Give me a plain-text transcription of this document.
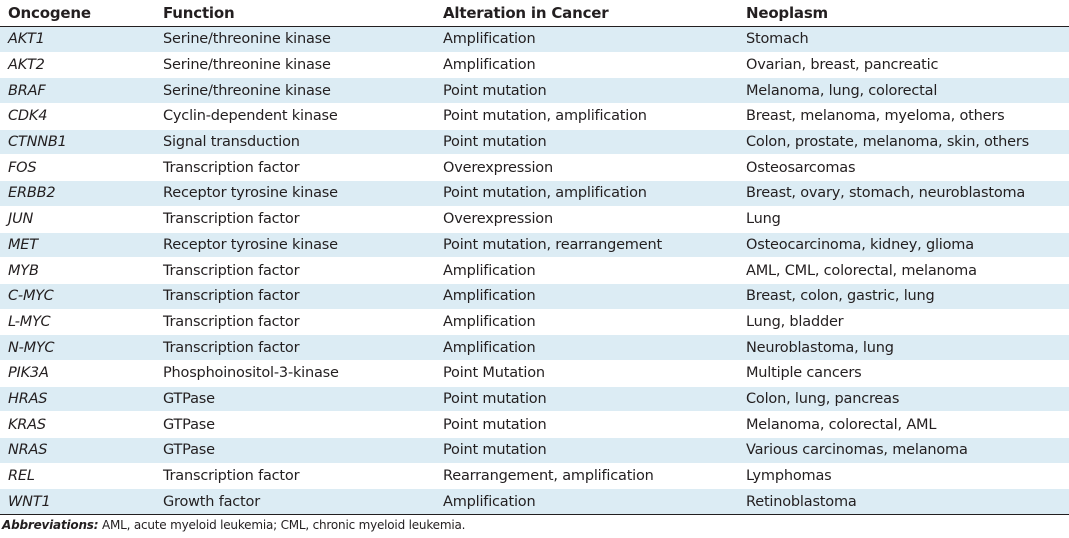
Oncogene	Function	Alteration in Cancer	Neoplasm
AKT1	Serine/threonine kinase	Amplification	Stomach
AKT2	Serine/threonine kinase	Amplification	Ovarian, breast, pancreatic
BRAF	Serine/threonine kinase	Point mutation	Melanoma, lung, colorectal
CDK4	Cyclin-dependent kinase	Point mutation, amplification	Breast, melanoma, myeloma, others
CTNNB1	Signal transduction	Point mutation	Colon, prostate, melanoma, skin, others
FOS	Transcription factor	Overexpression	Osteosarcomas
ERBB2	Receptor tyrosine kinase	Point mutation, amplification	Breast, ovary, stomach, neuroblastoma
JUN	Transcription factor	Overexpression	Lung
MET	Receptor tyrosine kinase	Point mutation, rearrangement	Osteocarcinoma, kidney, glioma
MYB	Transcription factor	Amplification	AML, CML, colorectal, melanoma
C-MYC	Transcription factor	Amplification	Breast, colon, gastric, lung
L-MYC	Transcription factor	Amplification	Lung, bladder
N-MYC	Transcription factor	Amplification	Neuroblastoma, lung
PIK3A	Phosphoinositol-3-kinase	Point Mutation	Multiple cancers
HRAS	GTPase	Point mutation	Colon, lung, pancreas
KRAS	GTPase	Point mutation	Melanoma, colorectal, AML
NRAS	GTPase	Point mutation	Various carcinomas, melanoma
REL	Transcription factor	Rearrangement, amplification	Lymphomas
WNT1	Growth factor	Amplification	Retinoblastoma
Abbreviations: AML, acute myeloid leukemia; CML, chronic myeloid leukemia.
